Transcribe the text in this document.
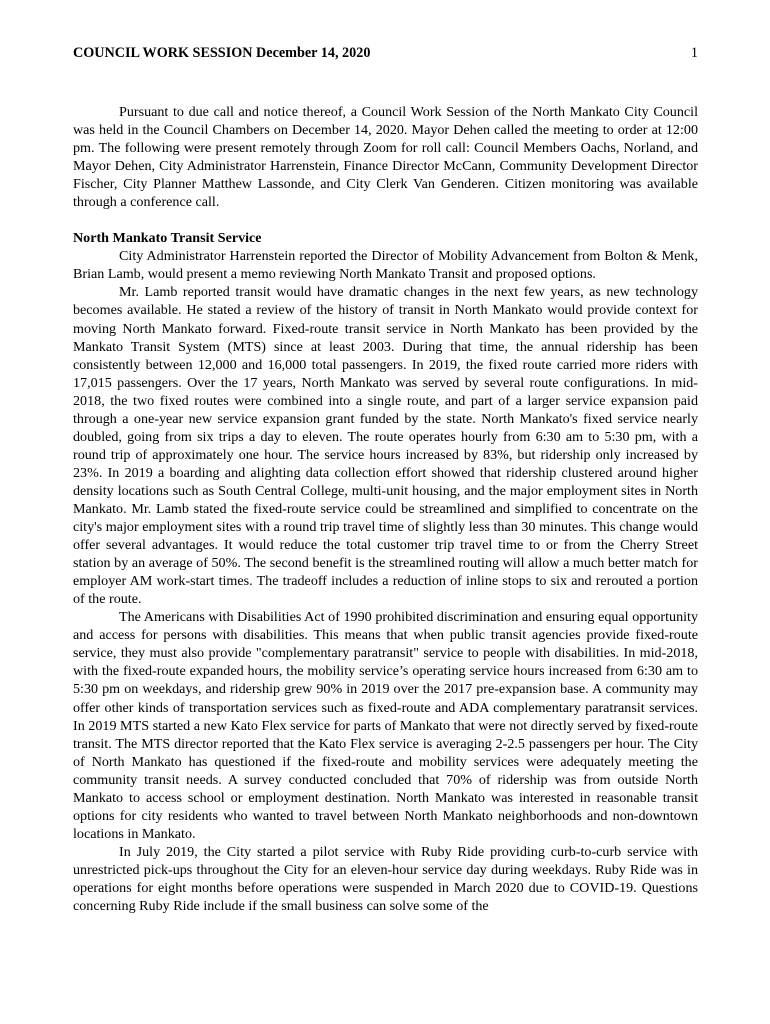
COUNCIL WORK SESSION December 14, 2020	1

Pursuant to due call and notice thereof, a Council Work Session of the North Mankato City Council was held in the Council Chambers on December 14, 2020. Mayor Dehen called the meeting to order at 12:00 pm. The following were present remotely through Zoom for roll call: Council Members Oachs, Norland, and Mayor Dehen, City Administrator Harrenstein, Finance Director McCann, Community Development Director Fischer, City Planner Matthew Lassonde, and City Clerk Van Genderen. Citizen monitoring was available through a conference call.

North Mankato Transit Service

City Administrator Harrenstein reported the Director of Mobility Advancement from Bolton & Menk, Brian Lamb, would present a memo reviewing North Mankato Transit and proposed options.

Mr. Lamb reported transit would have dramatic changes in the next few years, as new technology becomes available. He stated a review of the history of transit in North Mankato would provide context for moving North Mankato forward. Fixed-route transit service in North Mankato has been provided by the Mankato Transit System (MTS) since at least 2003. During that time, the annual ridership has been consistently between 12,000 and 16,000 total passengers. In 2019, the fixed route carried more riders with 17,015 passengers. Over the 17 years, North Mankato was served by several route configurations. In mid-2018, the two fixed routes were combined into a single route, and part of a larger service expansion paid through a one-year new service expansion grant funded by the state. North Mankato's fixed service nearly doubled, going from six trips a day to eleven. The route operates hourly from 6:30 am to 5:30 pm, with a round trip of approximately one hour. The service hours increased by 83%, but ridership only increased by 23%. In 2019 a boarding and alighting data collection effort showed that ridership clustered around higher density locations such as South Central College, multi-unit housing, and the major employment sites in North Mankato. Mr. Lamb stated the fixed-route service could be streamlined and simplified to concentrate on the city's major employment sites with a round trip travel time of slightly less than 30 minutes. This change would offer several advantages. It would reduce the total customer trip travel time to or from the Cherry Street station by an average of 50%. The second benefit is the streamlined routing will allow a much better match for employer AM work-start times. The tradeoff includes a reduction of inline stops to six and rerouted a portion of the route.

The Americans with Disabilities Act of 1990 prohibited discrimination and ensuring equal opportunity and access for persons with disabilities. This means that when public transit agencies provide fixed-route service, they must also provide "complementary paratransit" service to people with disabilities. In mid-2018, with the fixed-route expanded hours, the mobility service’s operating service hours increased from 6:30 am to 5:30 pm on weekdays, and ridership grew 90% in 2019 over the 2017 pre-expansion base. A community may offer other kinds of transportation services such as fixed-route and ADA complementary paratransit services. In 2019 MTS started a new Kato Flex service for parts of Mankato that were not directly served by fixed-route transit. The MTS director reported that the Kato Flex service is averaging 2-2.5 passengers per hour. The City of North Mankato has questioned if the fixed-route and mobility services were adequately meeting the community transit needs. A survey conducted concluded that 70% of ridership was from outside North Mankato to access school or employment destination. North Mankato was interested in reasonable transit options for city residents who wanted to travel between North Mankato neighborhoods and non-downtown locations in Mankato.

In July 2019, the City started a pilot service with Ruby Ride providing curb-to-curb service with unrestricted pick-ups throughout the City for an eleven-hour service day during weekdays. Ruby Ride was in operations for eight months before operations were suspended in March 2020 due to COVID-19. Questions concerning Ruby Ride include if the small business can solve some of the
